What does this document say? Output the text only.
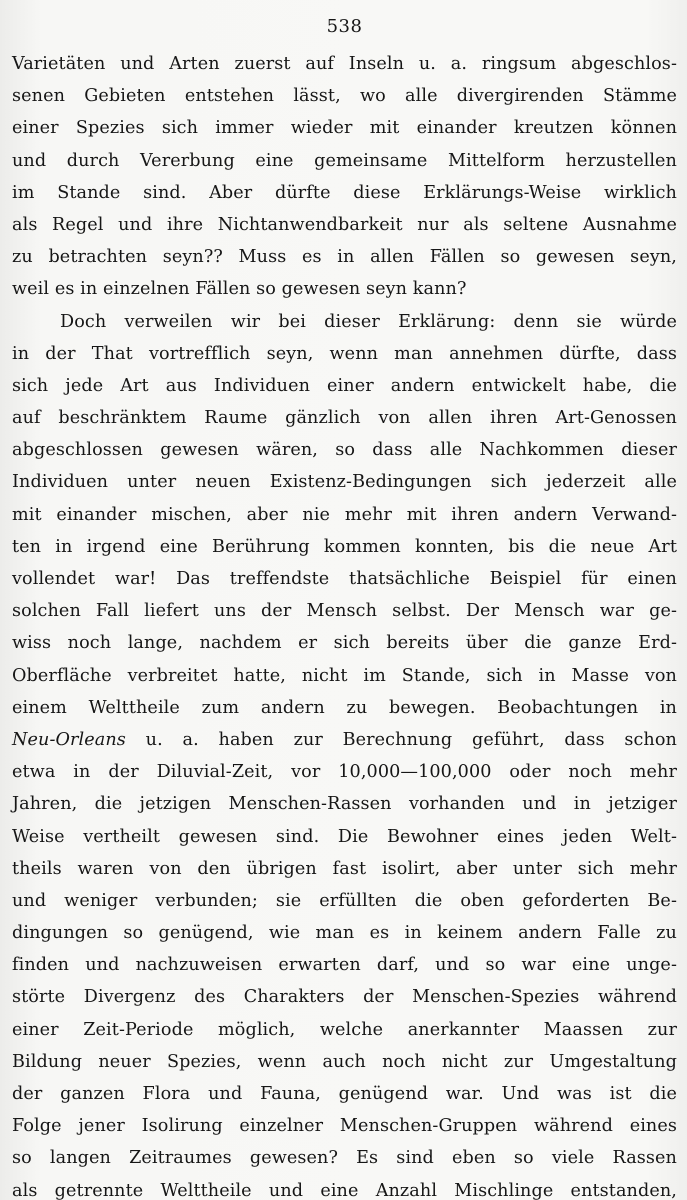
538

Varietäten und Arten zuerst auf Inseln u. a. ringsum abgeschlos-
senen Gebieten entstehen lässt, wo alle divergirenden Stämme
einer Spezies sich immer wieder mit einander kreutzen können
und durch Vererbung eine gemeinsame Mittelform herzustellen
im Stande sind. Aber dürfte diese Erklärungs-Weise wirklich
als Regel und ihre Nichtanwendbarkeit nur als seltene Ausnahme
zu betrachten seyn?? Muss es in allen Fällen so gewesen seyn,
weil es in einzelnen Fällen so gewesen seyn kann?

Doch verweilen wir bei dieser Erklärung: denn sie würde
in der That vortrefflich seyn, wenn man annehmen dürfte, dass
sich jede Art aus Individuen einer andern entwickelt habe, die
auf beschränktem Raume gänzlich von allen ihren Art-Genossen
abgeschlossen gewesen wären, so dass alle Nachkommen dieser
Individuen unter neuen Existenz-Bedingungen sich jederzeit alle
mit einander mischen, aber nie mehr mit ihren andern Verwand-
ten in irgend eine Berührung kommen konnten, bis die neue Art
vollendet war! Das treffendste thatsächliche Beispiel für einen
solchen Fall liefert uns der Mensch selbst. Der Mensch war ge-
wiss noch lange, nachdem er sich bereits über die ganze Erd-
Oberfläche verbreitet hatte, nicht im Stande, sich in Masse von
einem Welttheile zum andern zu bewegen. Beobachtungen in
Neu-Orleans u. a. haben zur Berechnung geführt, dass schon
etwa in der Diluvial-Zeit, vor 10,000—100,000 oder noch mehr
Jahren, die jetzigen Menschen-Rassen vorhanden und in jetziger
Weise vertheilt gewesen sind. Die Bewohner eines jeden Welt-
theils waren von den übrigen fast isolirt, aber unter sich mehr
und weniger verbunden; sie erfüllten die oben geforderten Be-
dingungen so genügend, wie man es in keinem andern Falle zu
finden und nachzuweisen erwarten darf, und so war eine unge-
störte Divergenz des Charakters der Menschen-Spezies während
einer Zeit-Periode möglich, welche anerkannter Maassen zur
Bildung neuer Spezies, wenn auch noch nicht zur Umgestaltung
der ganzen Flora und Fauna, genügend war. Und was ist die
Folge jener Isolirung einzelner Menschen-Gruppen während eines
so langen Zeitraumes gewesen? Es sind eben so viele Rassen
als getrennte Welttheile und eine Anzahl Mischlinge entstanden,
